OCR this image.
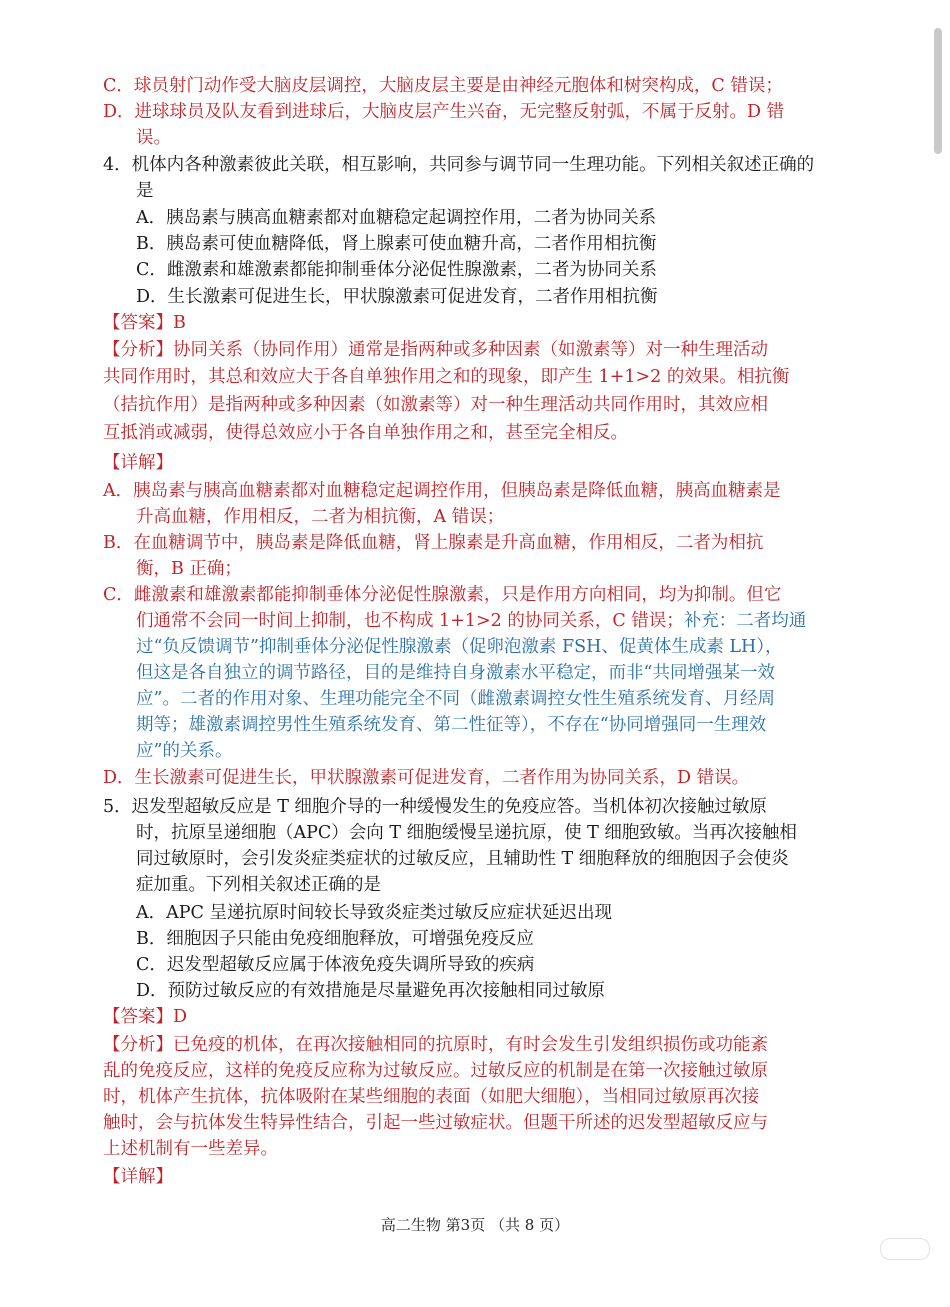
C．球员射门动作受大脑皮层调控，大脑皮层主要是由神经元胞体和树突构成，C 错误；
D．进球球员及队友看到进球后，大脑皮层产生兴奋，无完整反射弧，不属于反射。D 错
误。
4．机体内各种激素彼此关联，相互影响，共同参与调节同一生理功能。下列相关叙述正确的
是
A．胰岛素与胰高血糖素都对血糖稳定起调控作用，二者为协同关系
B．胰岛素可使血糖降低，肾上腺素可使血糖升高，二者作用相抗衡
C．雌激素和雄激素都能抑制垂体分泌促性腺激素，二者为协同关系
D．生长激素可促进生长，甲状腺激素可促进发育，二者作用相抗衡
【答案】B
【分析】协同关系（协同作用）通常是指两种或多种因素（如激素等）对一种生理活动
共同作用时，其总和效应大于各自单独作用之和的现象，即产生 1+1>2 的效果。相抗衡
（拮抗作用）是指两种或多种因素（如激素等）对一种生理活动共同作用时，其效应相
互抵消或减弱，使得总效应小于各自单独作用之和，甚至完全相反。
【详解】
A．胰岛素与胰高血糖素都对血糖稳定起调控作用，但胰岛素是降低血糖，胰高血糖素是
升高血糖，作用相反，二者为相抗衡，A 错误；
B．在血糖调节中，胰岛素是降低血糖，肾上腺素是升高血糖，作用相反，二者为相抗
衡，B 正确；
C．雌激素和雄激素都能抑制垂体分泌促性腺激素，只是作用方向相同，均为抑制。但它
们通常不会同一时间上抑制，也不构成 1+1>2 的协同关系，C 错误；补充：二者均通
过“负反馈调节”抑制垂体分泌促性腺激素（促卵泡激素 FSH、促黄体生成素 LH），
但这是各自独立的调节路径，目的是维持自身激素水平稳定，而非“共同增强某一效
应”。二者的作用对象、生理功能完全不同（雌激素调控女性生殖系统发育、月经周
期等；雄激素调控男性生殖系统发育、第二性征等），不存在“协同增强同一生理效
应”的关系。
D．生长激素可促进生长，甲状腺激素可促进发育，二者作用为协同关系，D 错误。
5．迟发型超敏反应是 T 细胞介导的一种缓慢发生的免疫应答。当机体初次接触过敏原
时，抗原呈递细胞（APC）会向 T 细胞缓慢呈递抗原，使 T 细胞致敏。当再次接触相
同过敏原时，会引发炎症类症状的过敏反应，且辅助性 T 细胞释放的细胞因子会使炎
症加重。下列相关叙述正确的是
A．APC 呈递抗原时间较长导致炎症类过敏反应症状延迟出现
B．细胞因子只能由免疫细胞释放，可增强免疫反应
C．迟发型超敏反应属于体液免疫失调所导致的疾病
D．预防过敏反应的有效措施是尽量避免再次接触相同过敏原
【答案】D
【分析】已免疫的机体，在再次接触相同的抗原时，有时会发生引发组织损伤或功能紊
乱的免疫反应，这样的免疫反应称为过敏反应。过敏反应的机制是在第一次接触过敏原
时，机体产生抗体，抗体吸附在某些细胞的表面（如肥大细胞），当相同过敏原再次接
触时，会与抗体发生特异性结合，引起一些过敏症状。但题干所述的迟发型超敏反应与
上述机制有一些差异。
【详解】
高二生物 第3页 （共 8 页）
